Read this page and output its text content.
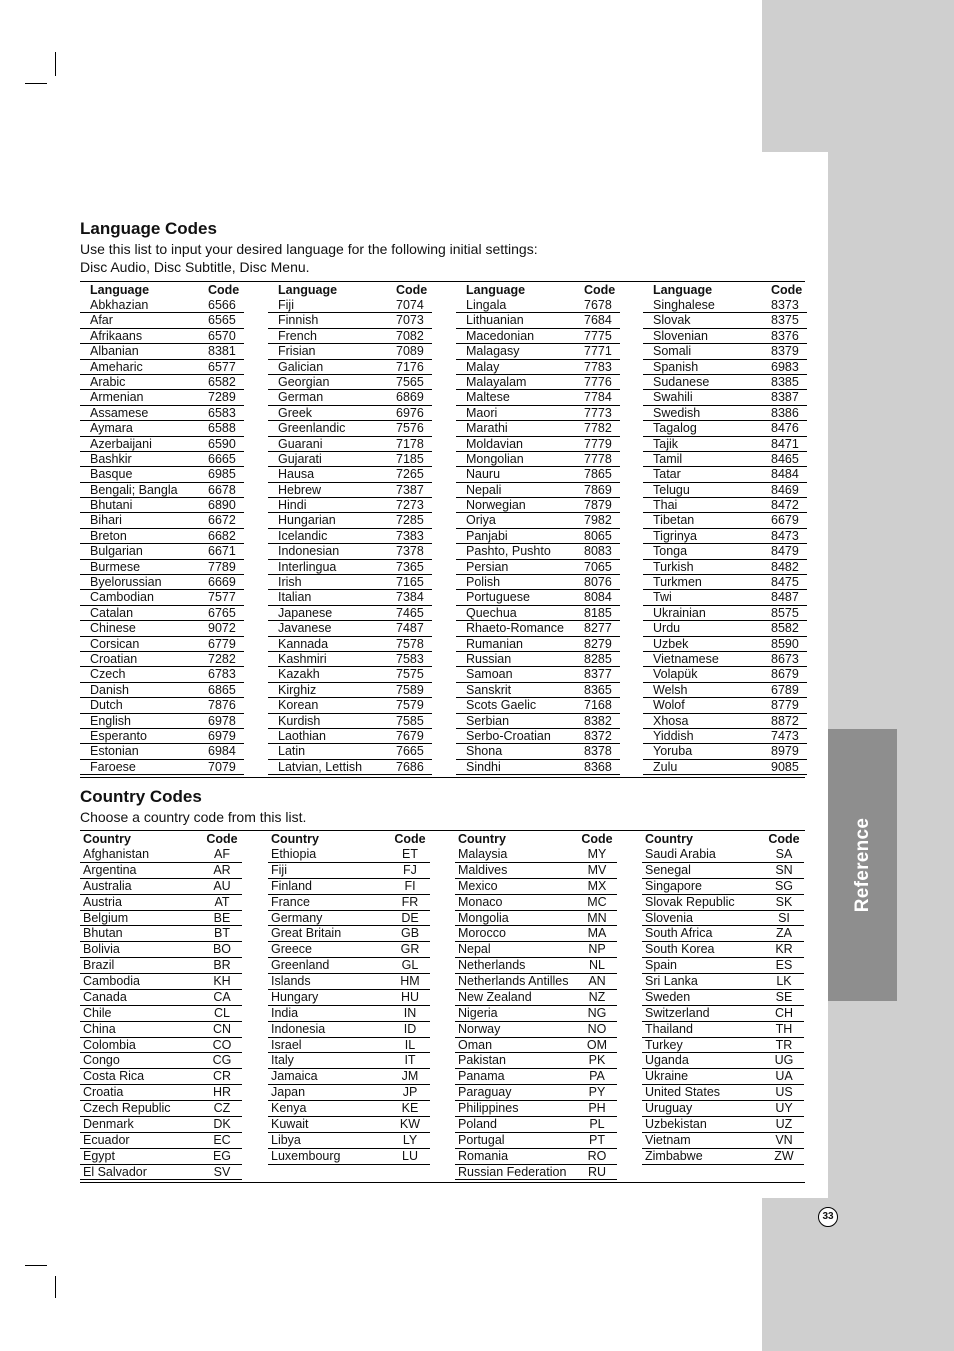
Reference
Language Codes
Use this list to input your desired language for the following initial settings:
Disc Audio, Disc Subtitle, Disc Menu.
Language	Code
Abkhazian	6566
Afar	6565
Afrikaans	6570
Albanian	8381
Ameharic	6577
Arabic	6582
Armenian	7289
Assamese	6583
Aymara	6588
Azerbaijani	6590
Bashkir	6665
Basque	6985
Bengali; Bangla	6678
Bhutani	6890
Bihari	6672
Breton	6682
Bulgarian	6671
Burmese	7789
Byelorussian	6669
Cambodian	7577
Catalan	6765
Chinese	9072
Corsican	6779
Croatian	7282
Czech	6783
Danish	6865
Dutch	7876
English	6978
Esperanto	6979
Estonian	6984
Faroese	7079
Language	Code
Fiji	7074
Finnish	7073
French	7082
Frisian	7089
Galician	7176
Georgian	7565
German	6869
Greek	6976
Greenlandic	7576
Guarani	7178
Gujarati	7185
Hausa	7265
Hebrew	7387
Hindi	7273
Hungarian	7285
Icelandic	7383
Indonesian	7378
Interlingua	7365
Irish	7165
Italian	7384
Japanese	7465
Javanese	7487
Kannada	7578
Kashmiri	7583
Kazakh	7575
Kirghiz	7589
Korean	7579
Kurdish	7585
Laothian	7679
Latin	7665
Latvian, Lettish	7686
Language	Code
Lingala	7678
Lithuanian	7684
Macedonian	7775
Malagasy	7771
Malay	7783
Malayalam	7776
Maltese	7784
Maori	7773
Marathi	7782
Moldavian	7779
Mongolian	7778
Nauru	7865
Nepali	7869
Norwegian	7879
Oriya	7982
Panjabi	8065
Pashto, Pushto	8083
Persian	7065
Polish	8076
Portuguese	8084
Quechua	8185
Rhaeto-Romance	8277
Rumanian	8279
Russian	8285
Samoan	8377
Sanskrit	8365
Scots Gaelic	7168
Serbian	8382
Serbo-Croatian	8372
Shona	8378
Sindhi	8368
Language	Code
Singhalese	8373
Slovak	8375
Slovenian	8376
Somali	8379
Spanish	6983
Sudanese	8385
Swahili	8387
Swedish	8386
Tagalog	8476
Tajik	8471
Tamil	8465
Tatar	8484
Telugu	8469
Thai	8472
Tibetan	6679
Tigrinya	8473
Tonga	8479
Turkish	8482
Turkmen	8475
Twi	8487
Ukrainian	8575
Urdu	8582
Uzbek	8590
Vietnamese	8673
Volapük	8679
Welsh	6789
Wolof	8779
Xhosa	8872
Yiddish	7473
Yoruba	8979
Zulu	9085
Country Codes
Choose a country code from this list.
Country	Code
Afghanistan	AF
Argentina	AR
Australia	AU
Austria	AT
Belgium	BE
Bhutan	BT
Bolivia	BO
Brazil	BR
Cambodia	KH
Canada	CA
Chile	CL
China	CN
Colombia	CO
Congo	CG
Costa Rica	CR
Croatia	HR
Czech Republic	CZ
Denmark	DK
Ecuador	EC
Egypt	EG
El Salvador	SV
Country	Code
Ethiopia	ET
Fiji	FJ
Finland	FI
France	FR
Germany	DE
Great Britain	GB
Greece	GR
Greenland	GL
Islands	HM
Hungary	HU
India	IN
Indonesia	ID
Israel	IL
Italy	IT
Jamaica	JM
Japan	JP
Kenya	KE
Kuwait	KW
Libya	LY
Luxembourg	LU
Country	Code
Malaysia	MY
Maldives	MV
Mexico	MX
Monaco	MC
Mongolia	MN
Morocco	MA
Nepal	NP
Netherlands	NL
Netherlands Antilles	AN
New Zealand	NZ
Nigeria	NG
Norway	NO
Oman	OM
Pakistan	PK
Panama	PA
Paraguay	PY
Philippines	PH
Poland	PL
Portugal	PT
Romania	RO
Russian Federation	RU
Country	Code
Saudi Arabia	SA
Senegal	SN
Singapore	SG
Slovak Republic	SK
Slovenia	SI
South Africa	ZA
South Korea	KR
Spain	ES
Sri Lanka	LK
Sweden	SE
Switzerland	CH
Thailand	TH
Turkey	TR
Uganda	UG
Ukraine	UA
United States	US
Uruguay	UY
Uzbekistan	UZ
Vietnam	VN
Zimbabwe	ZW
33
